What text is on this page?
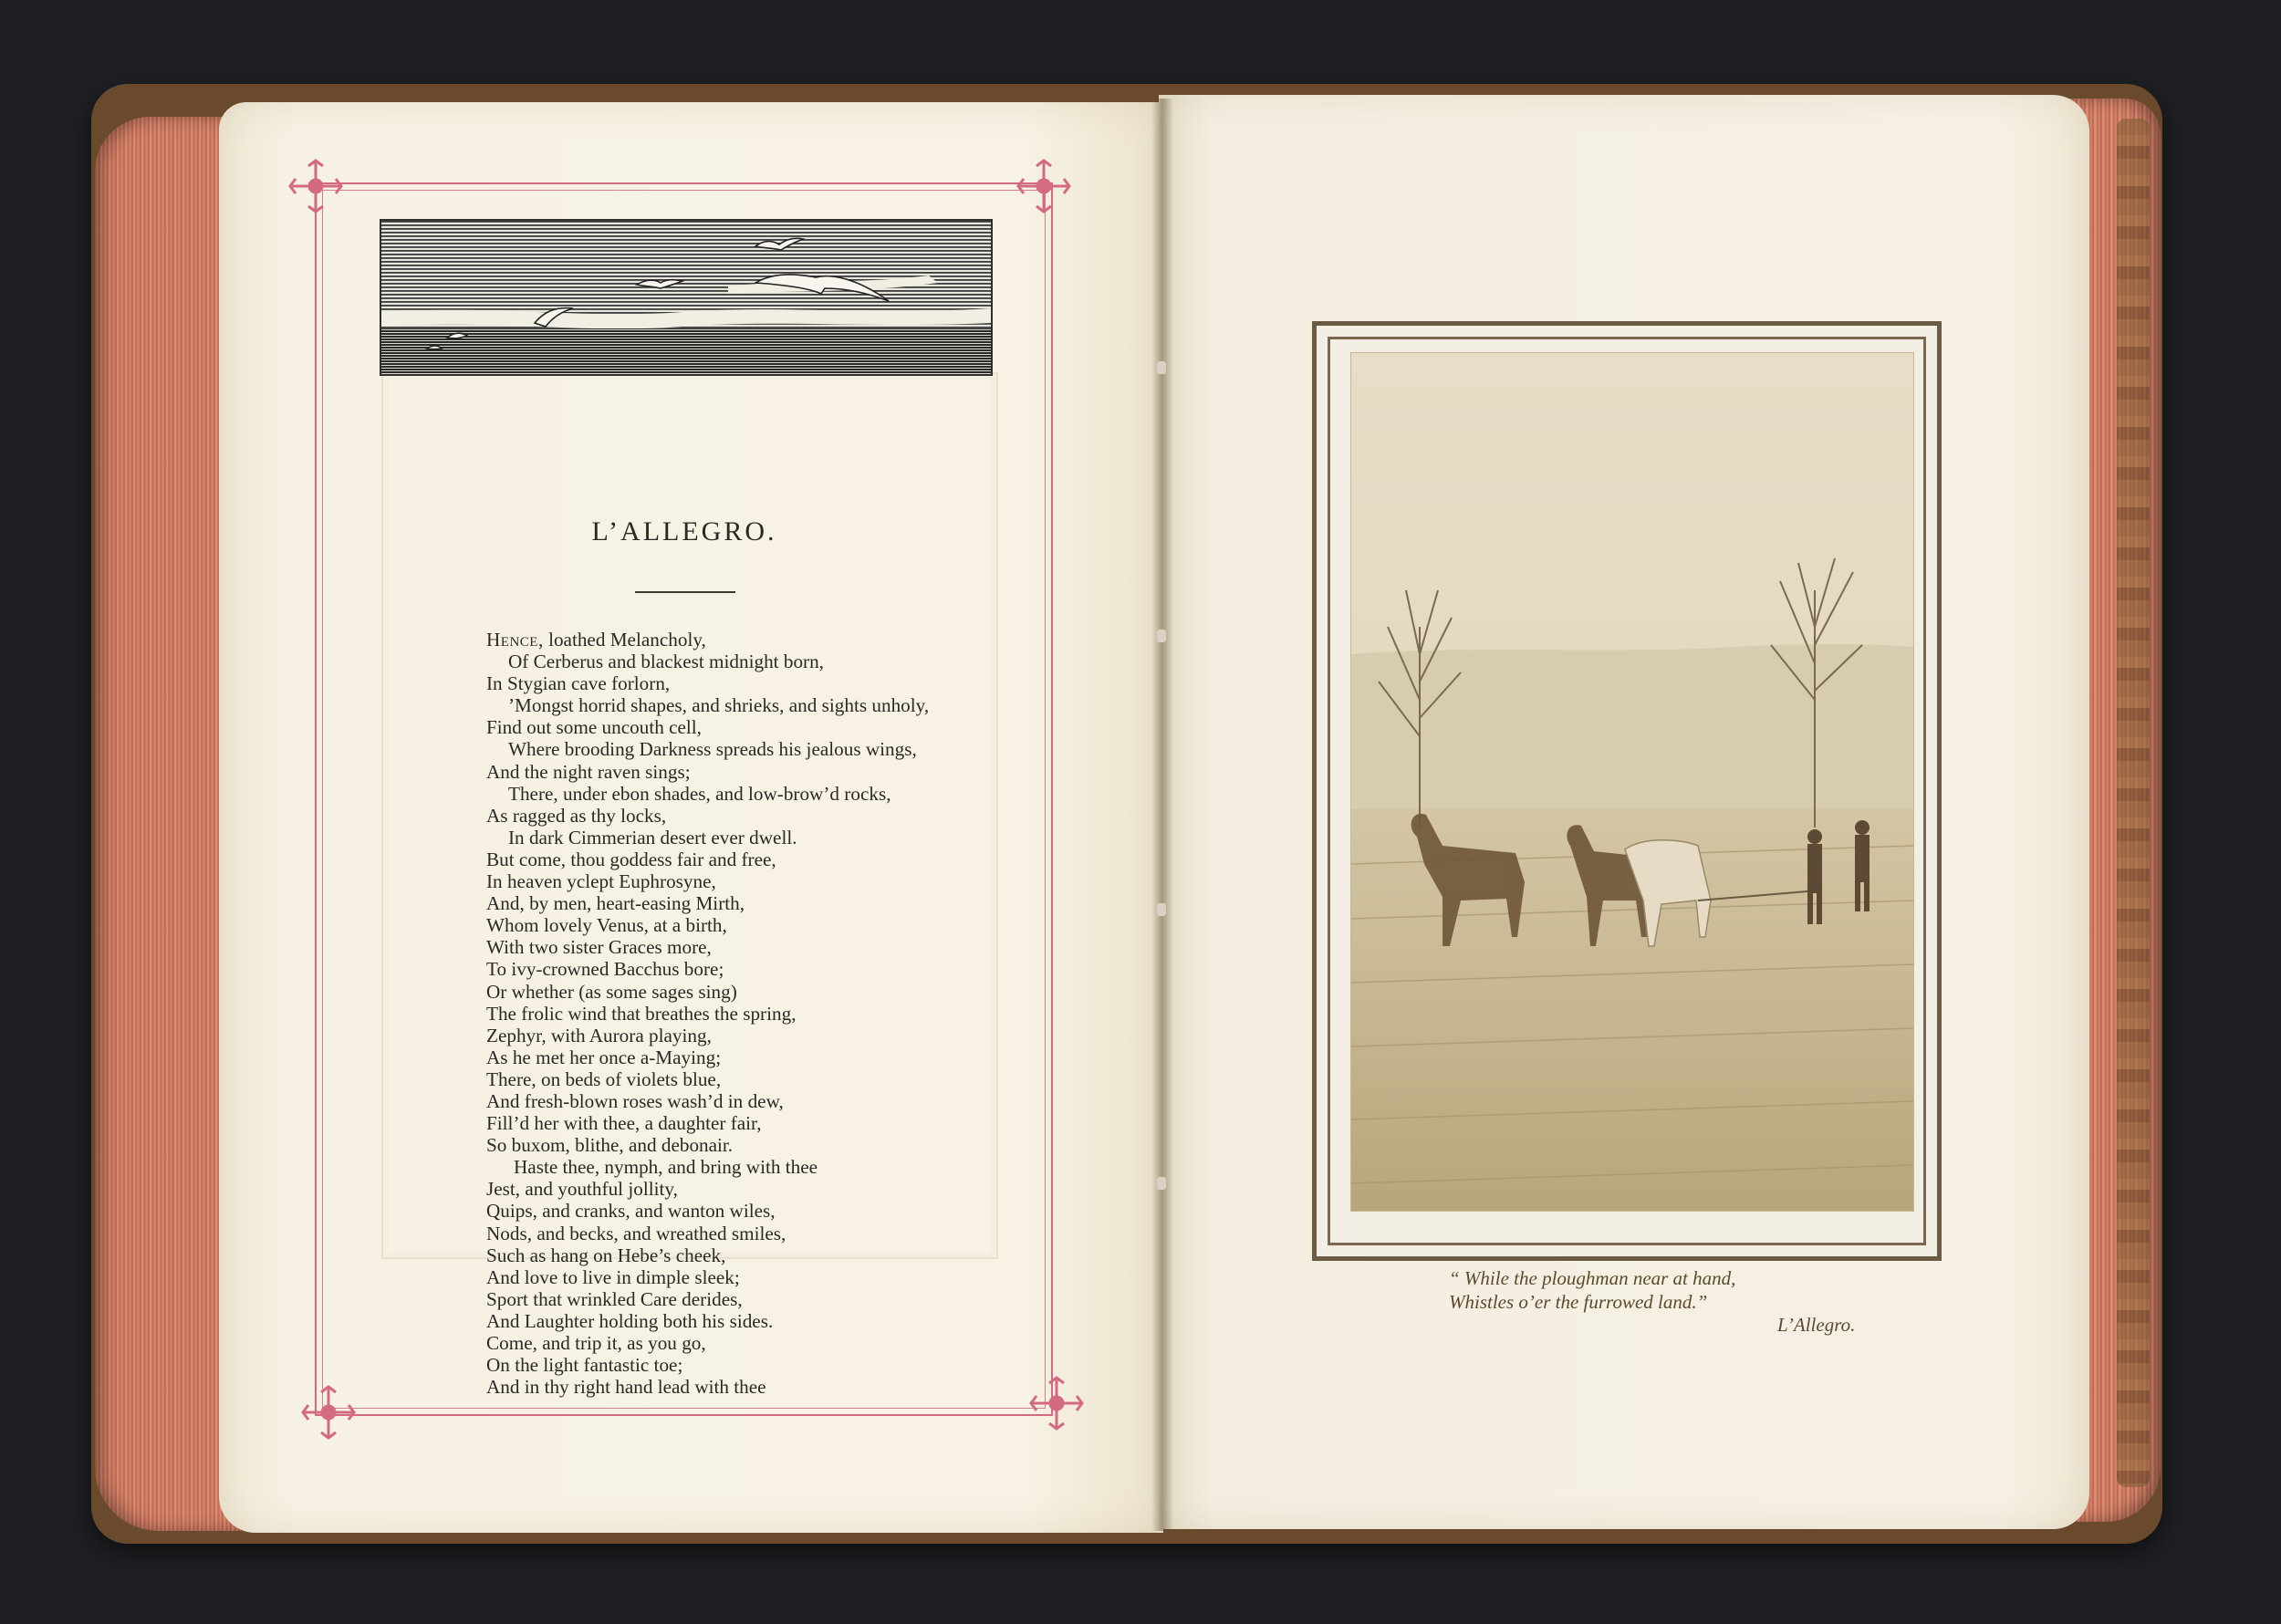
L’ALLEGRO.
Hence, loathed Melancholy,
Of Cerberus and blackest midnight born,
In Stygian cave forlorn,
’Mongst horrid shapes, and shrieks, and sights unholy,
Find out some uncouth cell,
Where brooding Darkness spreads his jealous wings,
And the night raven sings;
There, under ebon shades, and low-brow’d rocks,
As ragged as thy locks,
In dark Cimmerian desert ever dwell.
But come, thou goddess fair and free,
In heaven yclept Euphrosyne,
And, by men, heart-easing Mirth,
Whom lovely Venus, at a birth,
With two sister Graces more,
To ivy-crowned Bacchus bore;
Or whether (as some sages sing)
The frolic wind that breathes the spring,
Zephyr, with Aurora playing,
As he met her once a-Maying;
There, on beds of violets blue,
And fresh-blown roses wash’d in dew,
Fill’d her with thee, a daughter fair,
So buxom, blithe, and debonair.
Haste thee, nymph, and bring with thee
Jest, and youthful jollity,
Quips, and cranks, and wanton wiles,
Nods, and becks, and wreathed smiles,
Such as hang on Hebe’s cheek,
And love to live in dimple sleek;
Sport that wrinkled Care derides,
And Laughter holding both his sides.
Come, and trip it, as you go,
On the light fantastic toe;
And in thy right hand lead with thee
“ While the ploughman near at hand,
Whistles o’er the furrowed land.”
L’Allegro.
